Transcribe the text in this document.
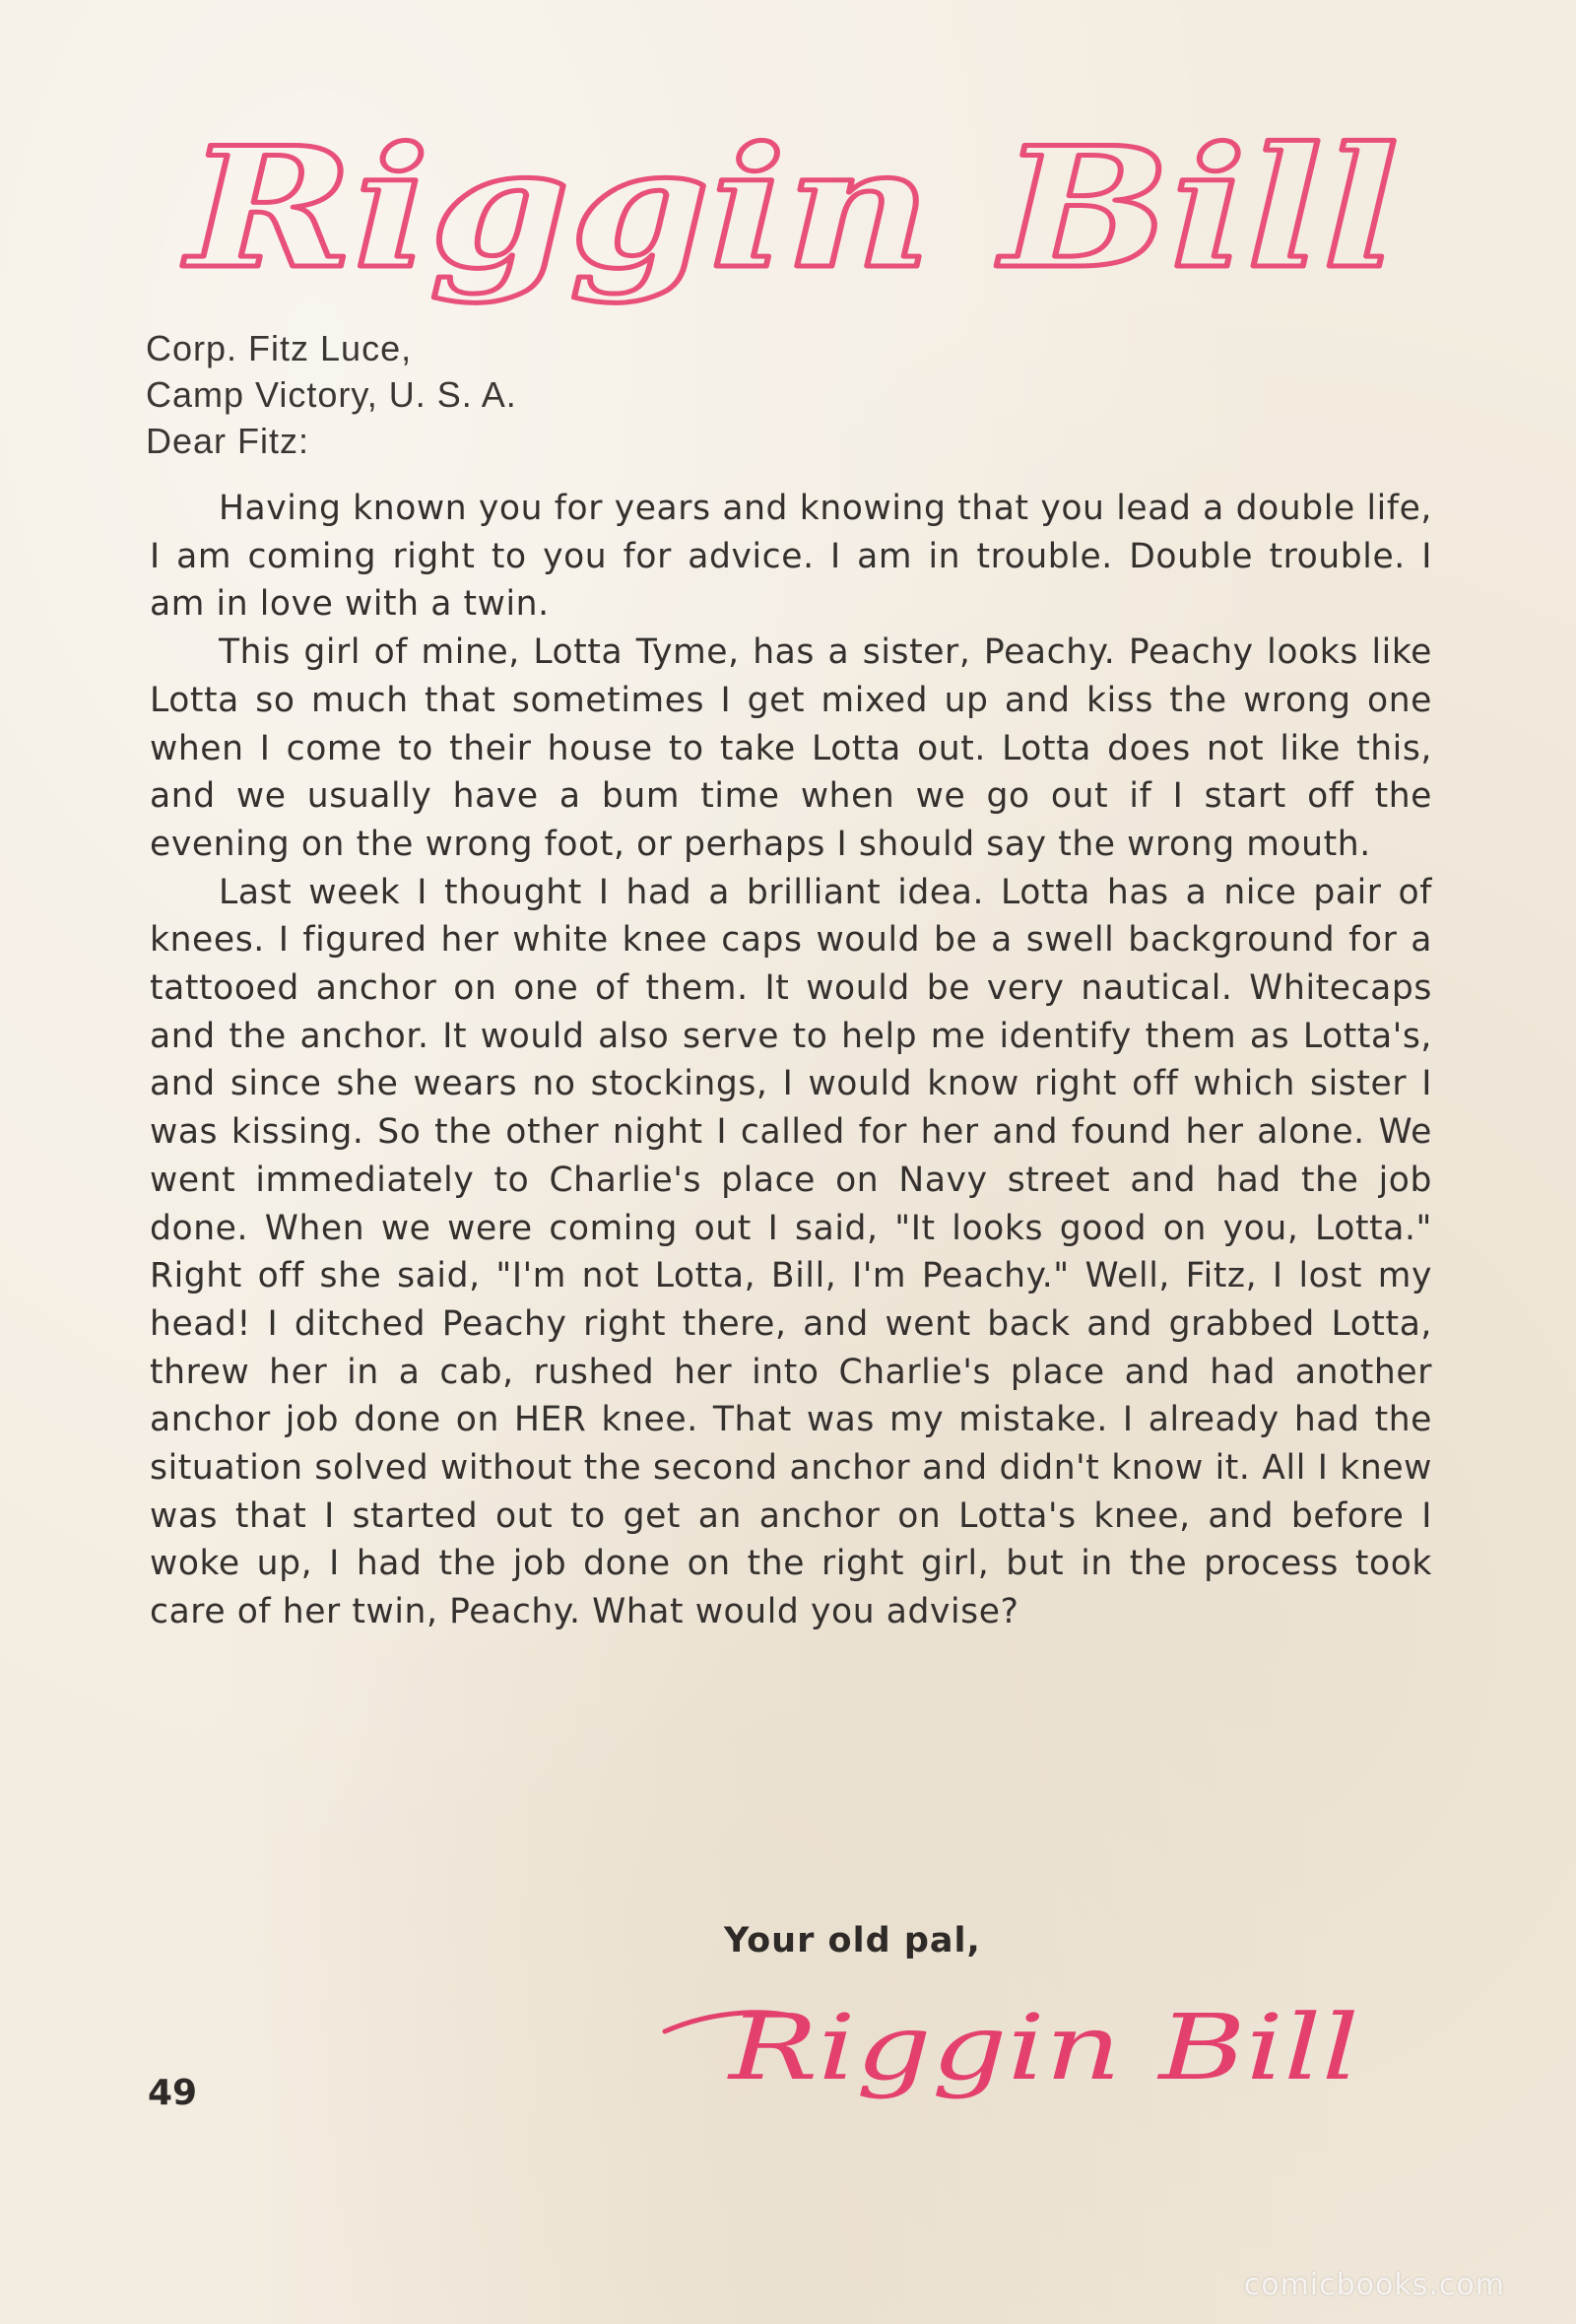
Riggin Bill
Corp. Fitz Luce,
Camp Victory, U. S. A.
Dear Fitz:

Having known you for years and knowing that you lead a double life, I am coming right to you for advice. I am in trouble. Double trouble. I am in love with a twin.

This girl of mine, Lotta Tyme, has a sister, Peachy. Peachy looks like Lotta so much that sometimes I get mixed up and kiss the wrong one when I come to their house to take Lotta out. Lotta does not like this, and we usually have a bum time when we go out if I start off the evening on the wrong foot, or perhaps I should say the wrong mouth.

Last week I thought I had a brilliant idea. Lotta has a nice pair of knees. I figured her white knee caps would be a swell background for a tattooed anchor on one of them. It would be very nautical. Whitecaps and the anchor. It would also serve to help me identify them as Lotta's, and since she wears no stockings, I would know right off which sister I was kissing. So the other night I called for her and found her alone. We went immediately to Charlie's place on Navy street and had the job done. When we were coming out I said, "It looks good on you, Lotta." Right off she said, "I'm not Lotta, Bill, I'm Peachy." Well, Fitz, I lost my head! I ditched Peachy right there, and went back and grabbed Lotta, threw her in a cab, rushed her into Charlie's place and had another anchor job done on HER knee. That was my mistake. I already had the situation solved without the second anchor and didn't know it. All I knew was that I started out to get an anchor on Lotta's knee, and before I woke up, I had the job done on the right girl, but in the process took care of her twin, Peachy. What would you advise?

Your old pal,
Riggin Bill
49
comicbooks.com
